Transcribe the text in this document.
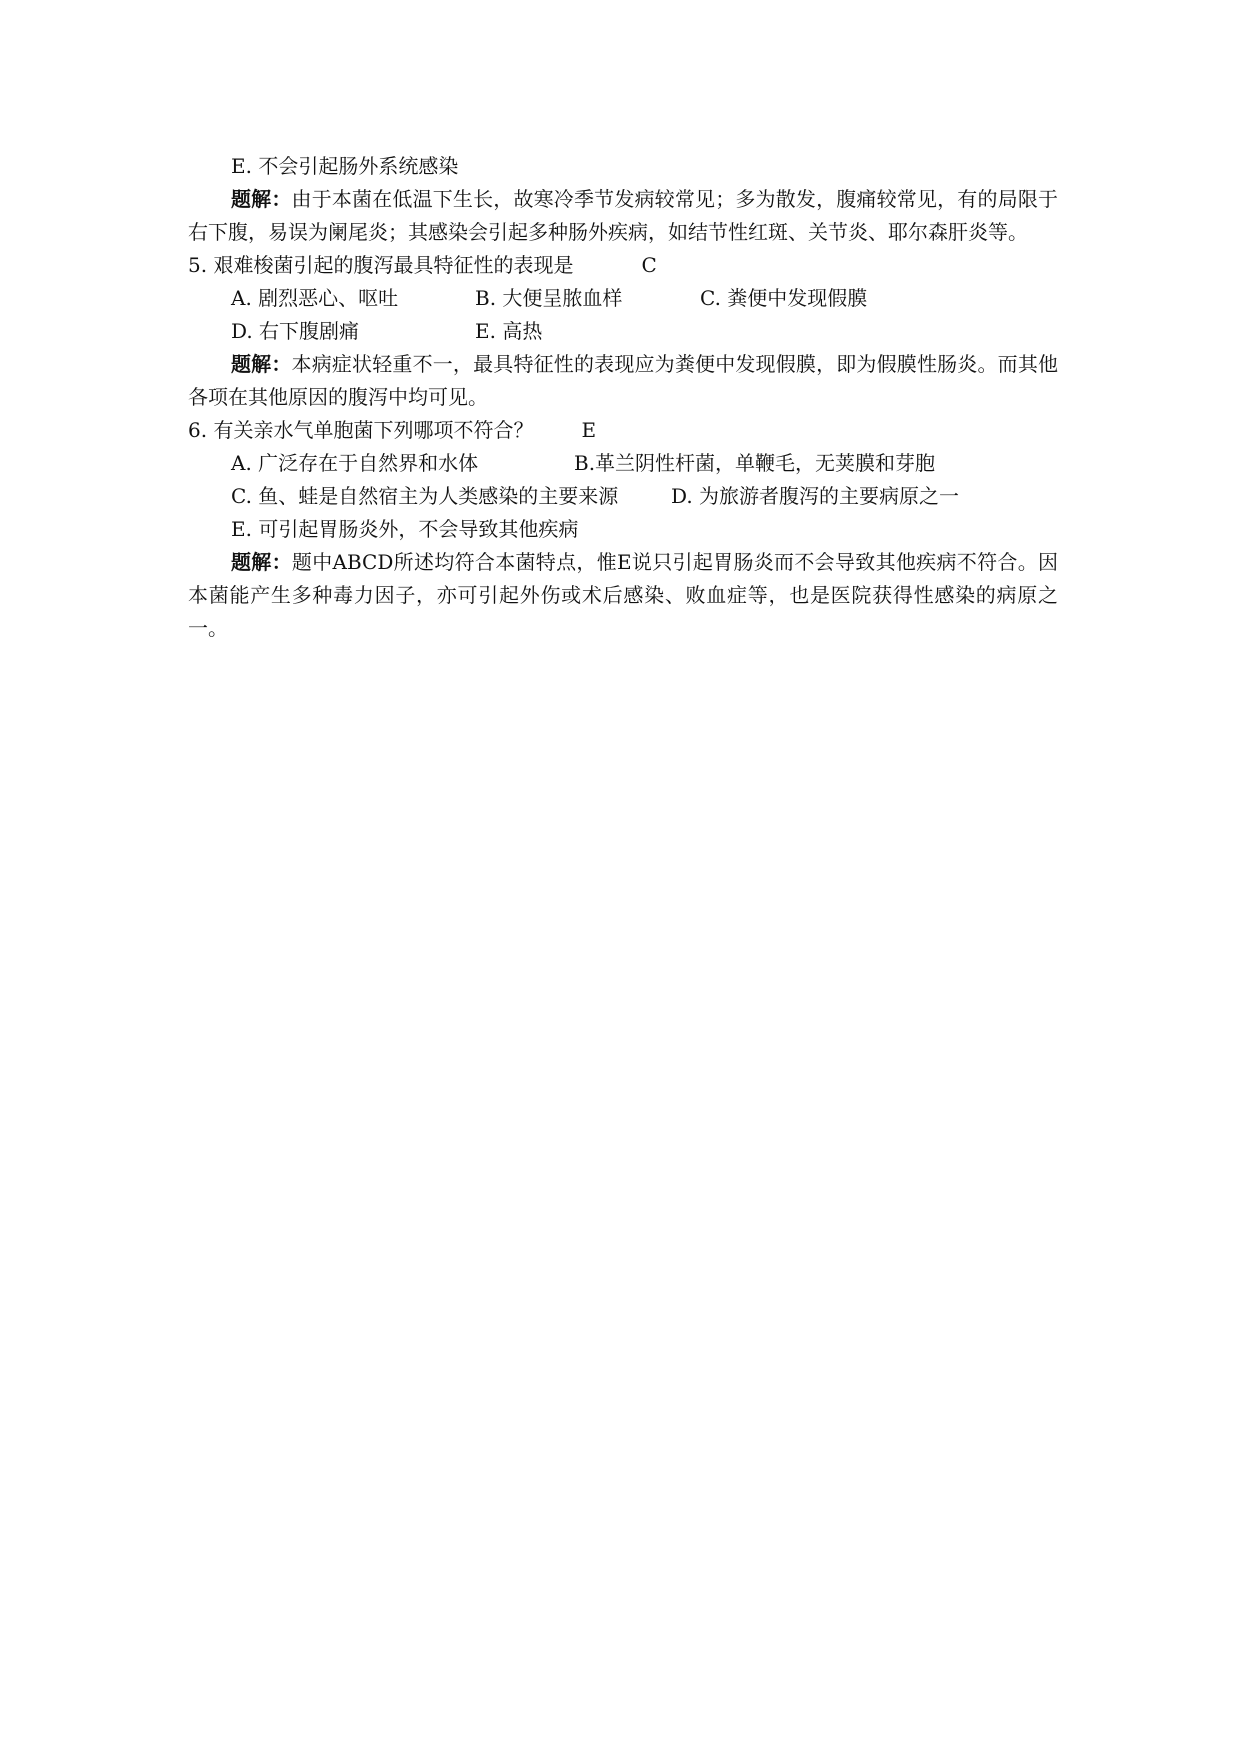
E. 不会引起肠外系统感染
题解：由于本菌在低温下生长，故寒冷季节发病较常见；多为散发，腹痛较常见，有的局限于右下腹，易误为阑尾炎；其感染会引起多种肠外疾病，如结节性红斑、关节炎、耶尔森肝炎等。
5. 艰难梭菌引起的腹泻最具特征性的表现是	C
A. 剧烈恶心、呕吐	B. 大便呈脓血样	C. 粪便中发现假膜
D. 右下腹剧痛	E. 高热
题解：本病症状轻重不一，最具特征性的表现应为粪便中发现假膜，即为假膜性肠炎。而其他各项在其他原因的腹泻中均可见。
6. 有关亲水气单胞菌下列哪项不符合？ E
A. 广泛存在于自然界和水体	B.革兰阴性杆菌，单鞭毛，无荚膜和芽胞
C. 鱼、蛙是自然宿主为人类感染的主要来源	D. 为旅游者腹泻的主要病原之一
E. 可引起胃肠炎外，不会导致其他疾病
题解：题中ABCD所述均符合本菌特点，惟E说只引起胃肠炎而不会导致其他疾病不符合。因本菌能产生多种毒力因子，亦可引起外伤或术后感染、败血症等，也是医院获得性感染的病原之一。
